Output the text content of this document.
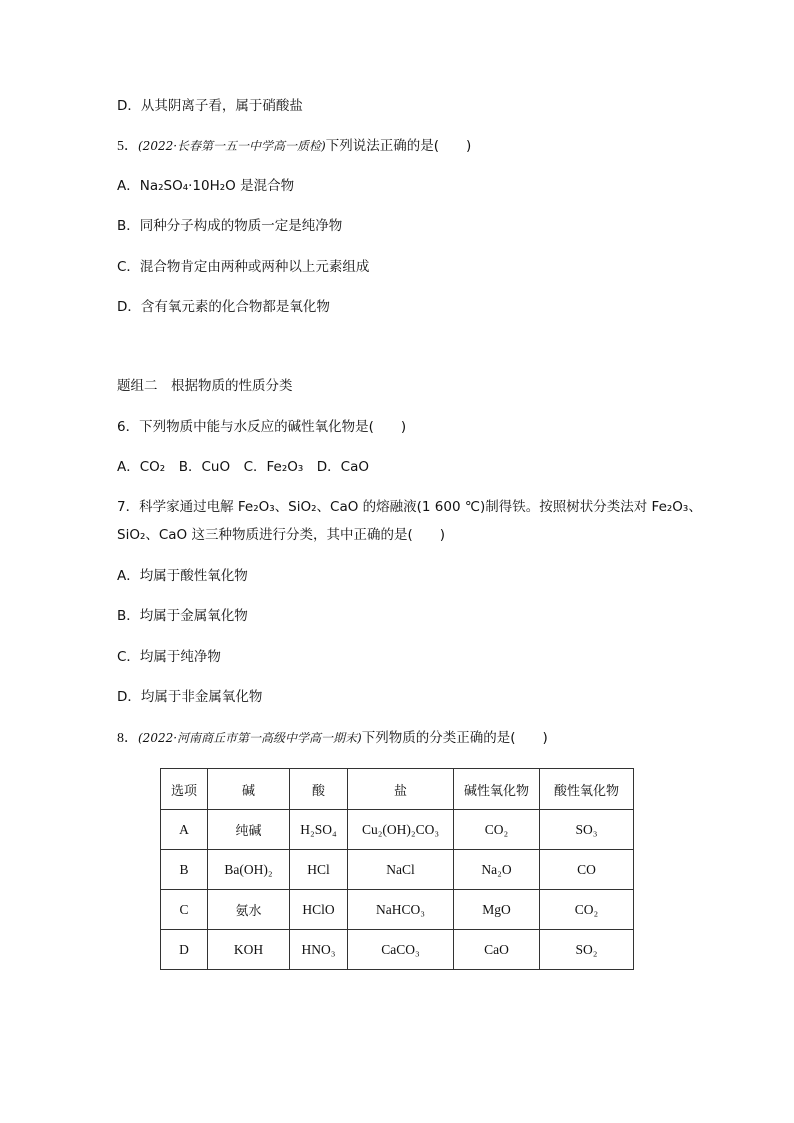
D．从其阴离子看，属于硝酸盐
5．(2022·长春第一五一中学高一质检)下列说法正确的是(　　)
A．Na₂SO₄·10H₂O 是混合物
B．同种分子构成的物质一定是纯净物
C．混合物肯定由两种或两种以上元素组成
D．含有氧元素的化合物都是氧化物
题组二　根据物质的性质分类
6．下列物质中能与水反应的碱性氧化物是(　　)
A．CO₂　B．CuO　C．Fe₂O₃　D．CaO
7．科学家通过电解 Fe₂O₃、SiO₂、CaO 的熔融液(1 600 ℃)制得铁。按照树状分类法对 Fe₂O₃、
SiO₂、CaO 这三种物质进行分类，其中正确的是(　　)
A．均属于酸性氧化物
B．均属于金属氧化物
C．均属于纯净物
D．均属于非金属氧化物
8．(2022·河南商丘市第一高级中学高一期末)下列物质的分类正确的是(　　)
选项	碱	酸	盐	碱性氧化物	酸性氧化物
A	纯碱	H₂SO₄	Cu₂(OH)₂CO₃	CO₂	SO₃
B	Ba(OH)₂	HCl	NaCl	Na₂O	CO
C	氨水	HClO	NaHCO₃	MgO	CO₂
D	KOH	HNO₃	CaCO₃	CaO	SO₂
